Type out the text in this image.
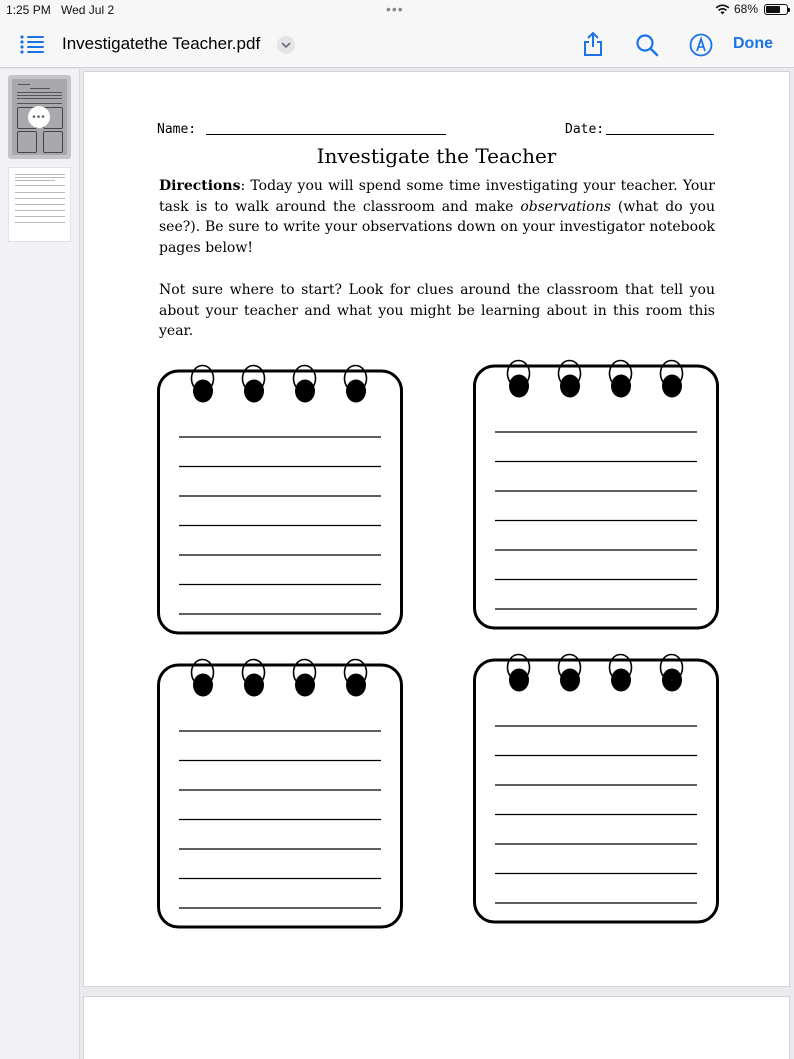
1:25 PM Wed Jul 2	•••	68%
Investigatethe Teacher.pdf	Done
•••
Name:	Date:
Investigate the Teacher

Directions: Today you will spend some time investigating your teacher. Your task is to walk around the classroom and make observations (what do you see?). Be sure to write your observations down on your investigator notebook pages below!

Not sure where to start? Look for clues around the classroom that tell you about your teacher and what you might be learning about in this room this year.
